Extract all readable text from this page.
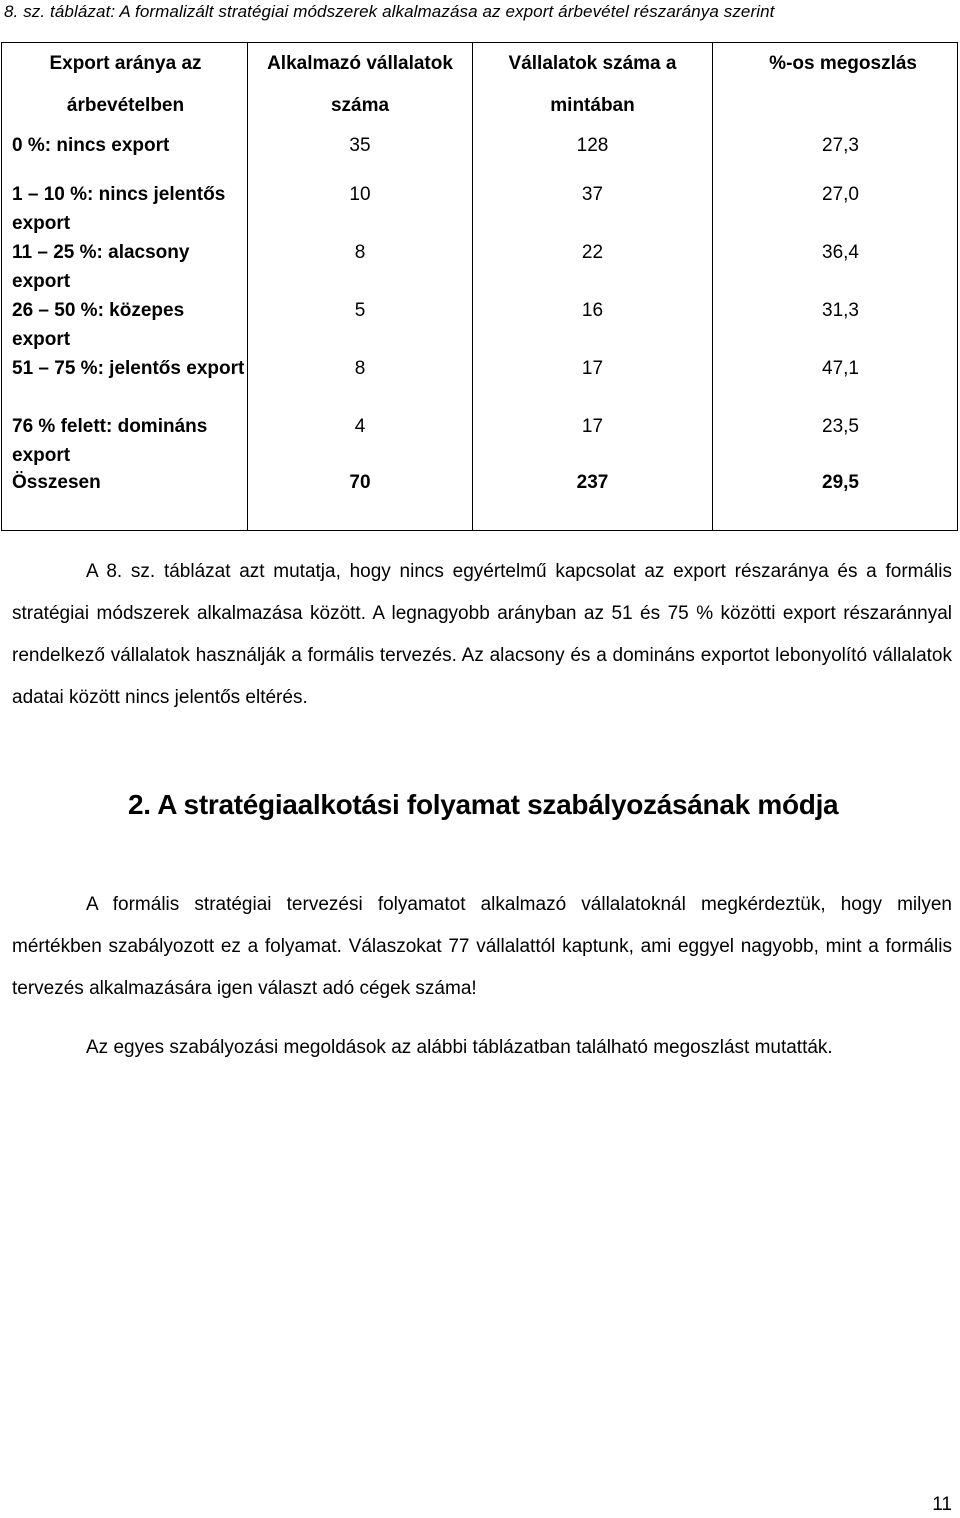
8. sz. táblázat: A formalizált stratégiai módszerek alkalmazása az export árbevétel részaránya szerint
Export aránya az árbevételben	Alkalmazó vállalatok száma	Vállalatok száma a mintában	%-os megoszlás
0 %: nincs export	35	128	27,3
1 – 10 %: nincs jelentős export	10	37	27,0
11 – 25 %: alacsony export	8	22	36,4
26 – 50 %: közepes export	5	16	31,3
51 – 75 %: jelentős export	8	17	47,1
76 % felett: domináns export	4	17	23,5
Összesen	70	237	29,5

A 8. sz. táblázat azt mutatja, hogy nincs egyértelmű kapcsolat az export részaránya és a formális stratégiai módszerek alkalmazása között. A legnagyobb arányban az 51 és 75 % közötti export részaránnyal rendelkező vállalatok használják a formális tervezés. Az alacsony és a domináns exportot lebonyolító vállalatok adatai között nincs jelentős eltérés.

2. A stratégiaalkotási folyamat szabályozásának módja

A formális stratégiai tervezési folyamatot alkalmazó vállalatoknál megkérdeztük, hogy milyen mértékben szabályozott ez a folyamat. Válaszokat 77 vállalattól kaptunk, ami eggyel nagyobb, mint a formális tervezés alkalmazására igen választ adó cégek száma!

Az egyes szabályozási megoldások az alábbi táblázatban található megoszlást mutatták.

11
